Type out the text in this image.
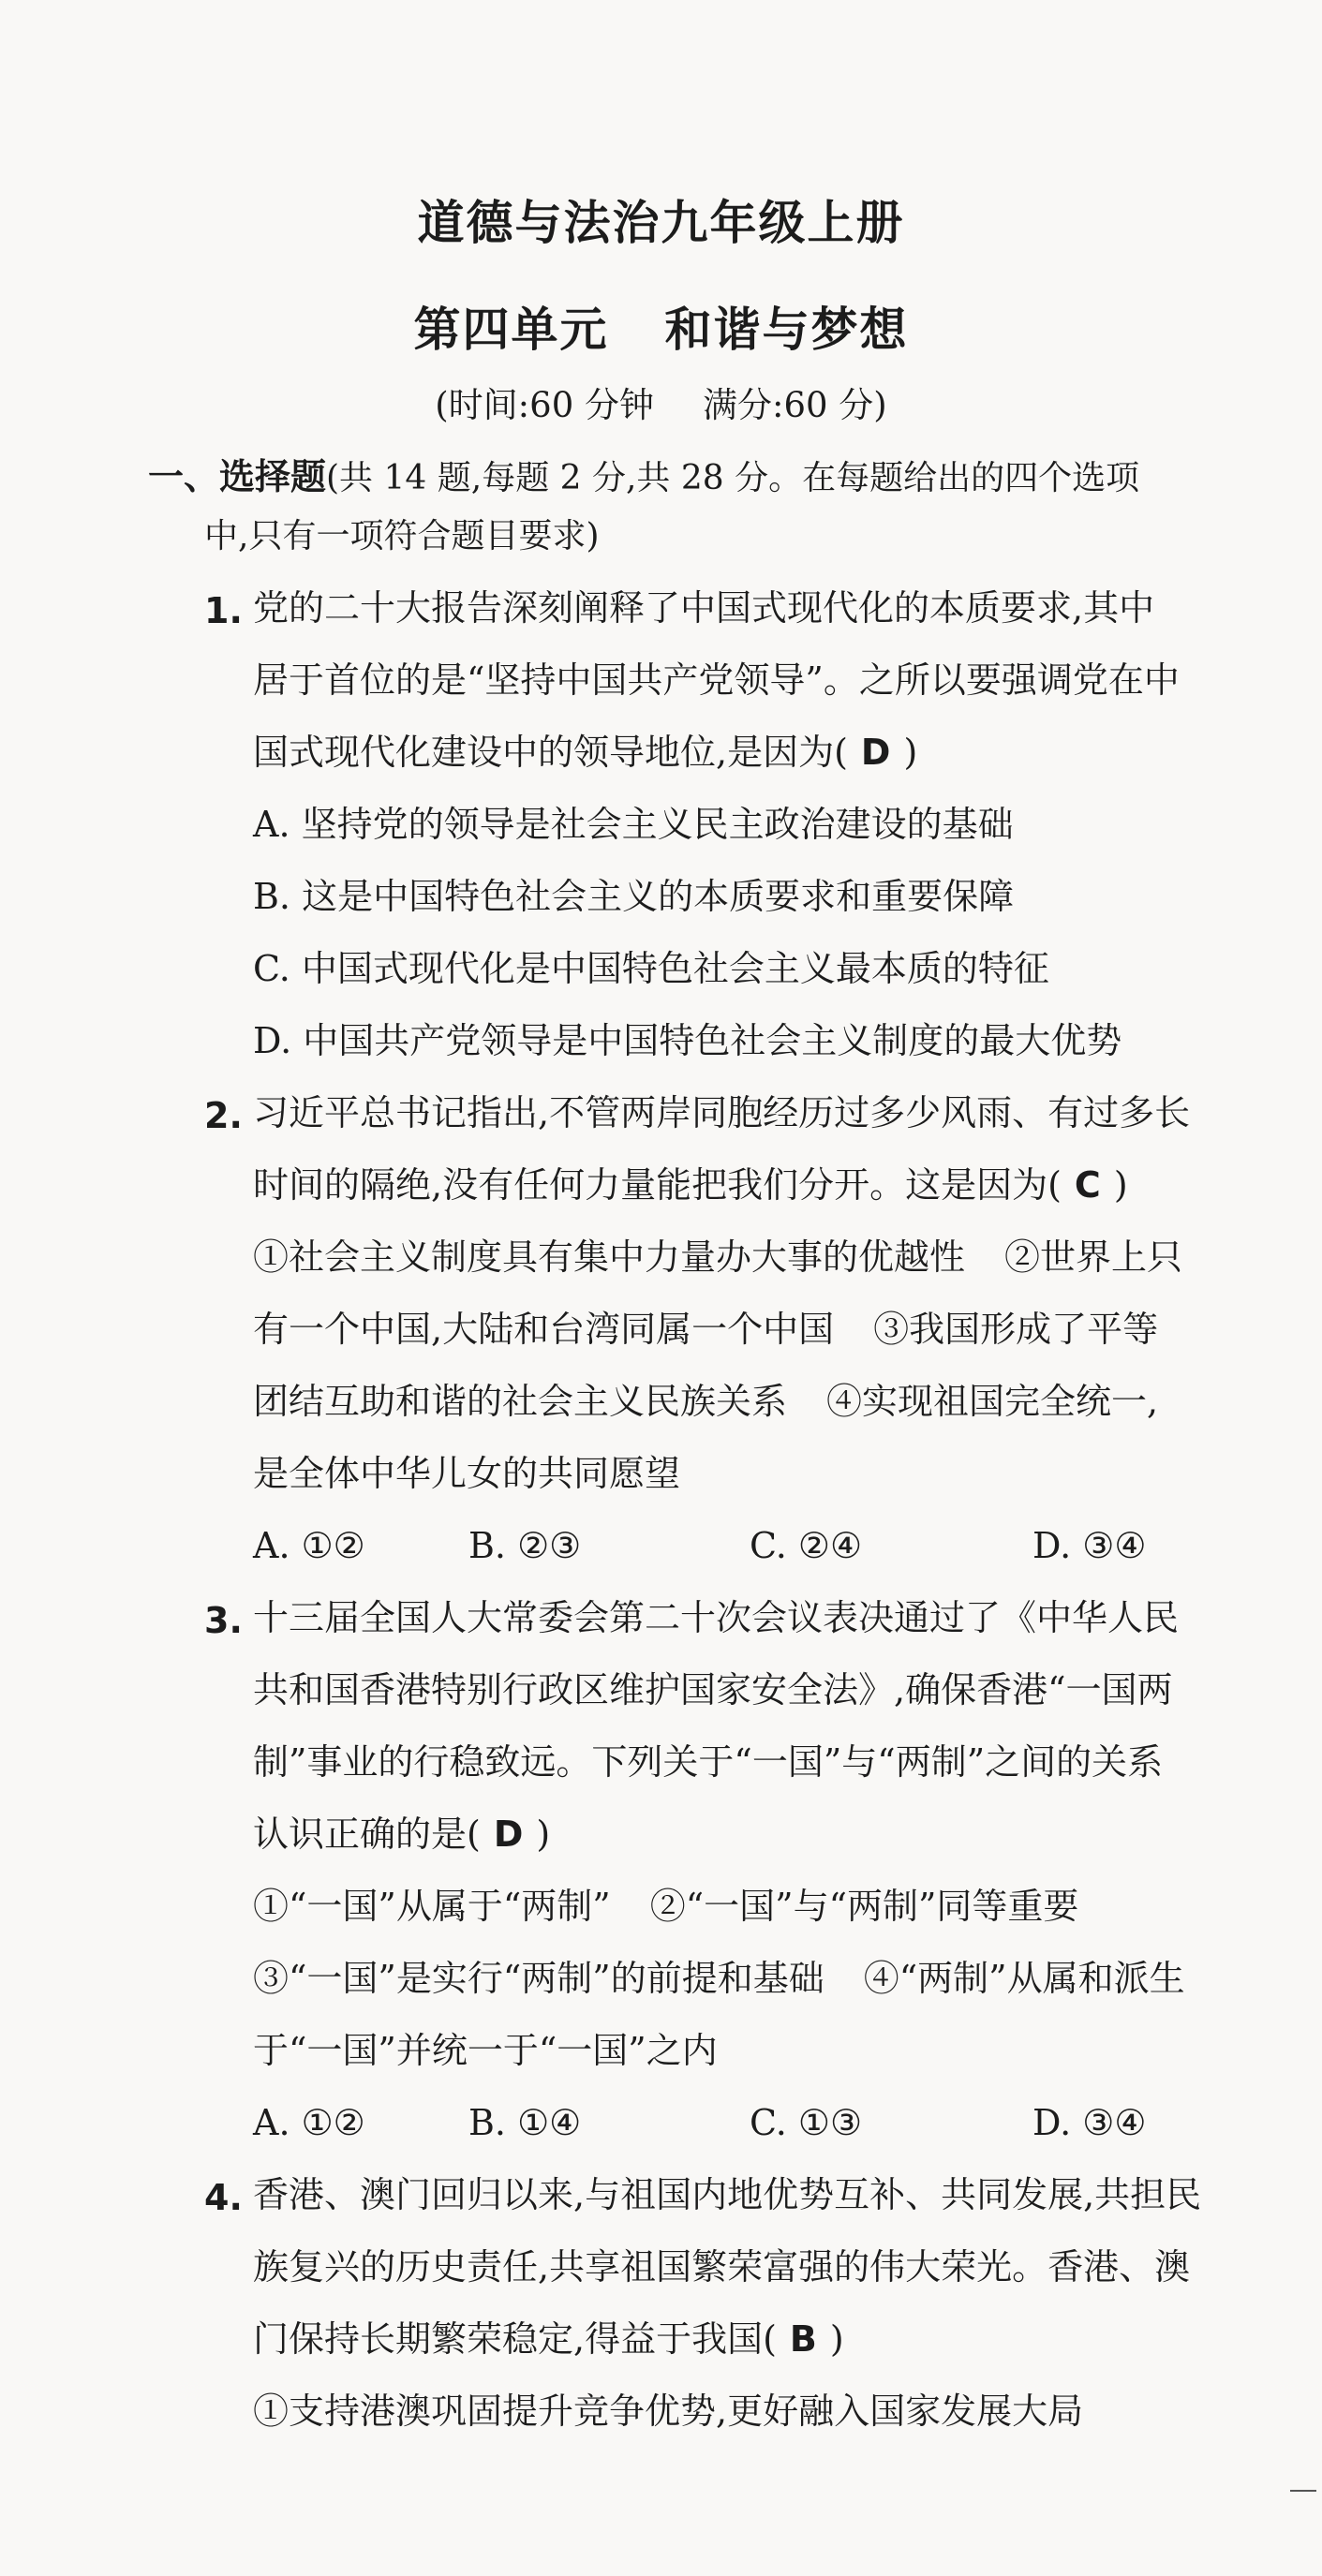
道德与法治九年级上册
第四单元 和谐与梦想
(时间:60 分钟 满分:60 分)
一、选择题(共 14 题,每题 2 分,共 28 分。在每题给出的四个选项
中,只有一项符合题目要求)
1. 党的二十大报告深刻阐释了中国式现代化的本质要求,其中
居于首位的是“坚持中国共产党领导”。之所以要强调党在中
国式现代化建设中的领导地位,是因为( D )
A. 坚持党的领导是社会主义民主政治建设的基础
B. 这是中国特色社会主义的本质要求和重要保障
C. 中国式现代化是中国特色社会主义最本质的特征
D. 中国共产党领导是中国特色社会主义制度的最大优势
2. 习近平总书记指出,不管两岸同胞经历过多少风雨、有过多长
时间的隔绝,没有任何力量能把我们分开。这是因为( C )
①社会主义制度具有集中力量办大事的优越性 ②世界上只
有一个中国,大陆和台湾同属一个中国 ③我国形成了平等
团结互助和谐的社会主义民族关系 ④实现祖国完全统一,
是全体中华儿女的共同愿望
A. ①②	B. ②③	C. ②④	D. ③④
3. 十三届全国人大常委会第二十次会议表决通过了《中华人民
共和国香港特别行政区维护国家安全法》,确保香港“一国两
制”事业的行稳致远。下列关于“一国”与“两制”之间的关系
认识正确的是( D )
①“一国”从属于“两制” ②“一国”与“两制”同等重要
③“一国”是实行“两制”的前提和基础 ④“两制”从属和派生
于“一国”并统一于“一国”之内
A. ①②	B. ①④	C. ①③	D. ③④
4. 香港、澳门回归以来,与祖国内地优势互补、共同发展,共担民
族复兴的历史责任,共享祖国繁荣富强的伟大荣光。香港、澳
门保持长期繁荣稳定,得益于我国( B )
①支持港澳巩固提升竞争优势,更好融入国家发展大局
